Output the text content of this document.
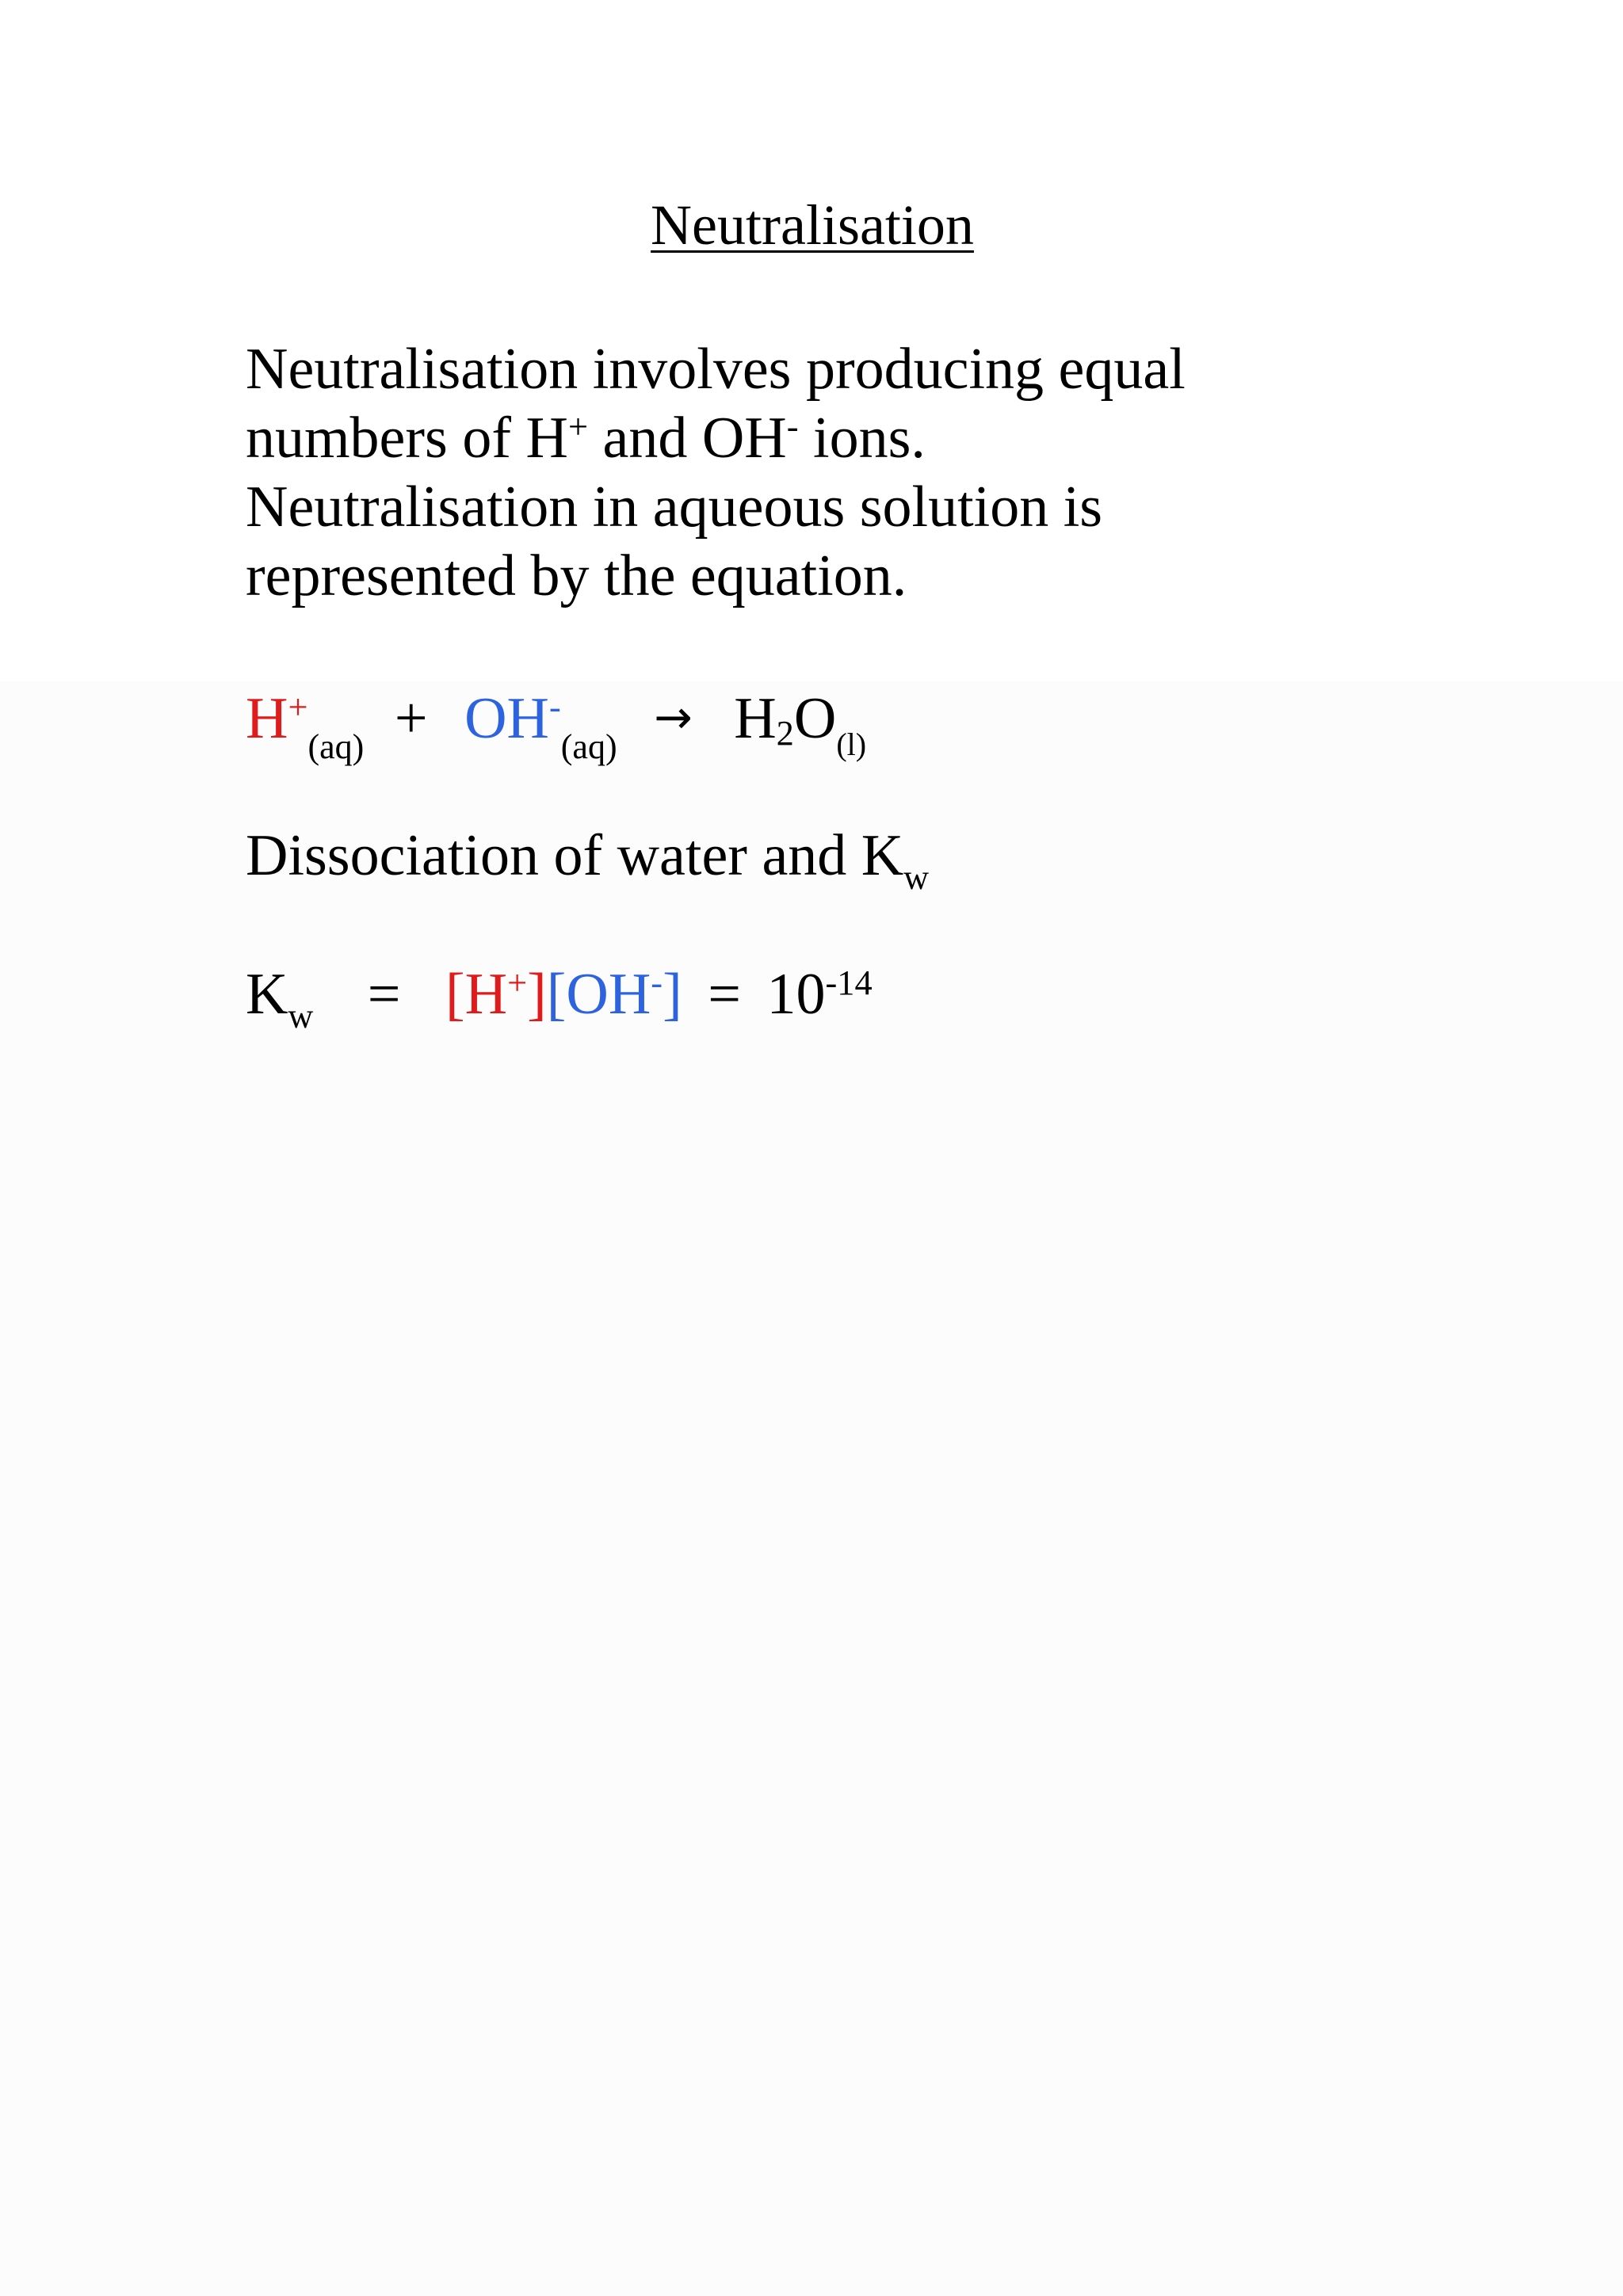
Neutralisation

Neutralisation involves producing equal
numbers of H+ and OH- ions.
Neutralisation in aqueous solution is
represented by the equation.

$H^+_{(aq)} + OH^-_{(aq)} \to H_2O_{(l)}$
Dissociation of water and $K_w$
$K_w = [H^+][OH^-] = 10^{-14}$
